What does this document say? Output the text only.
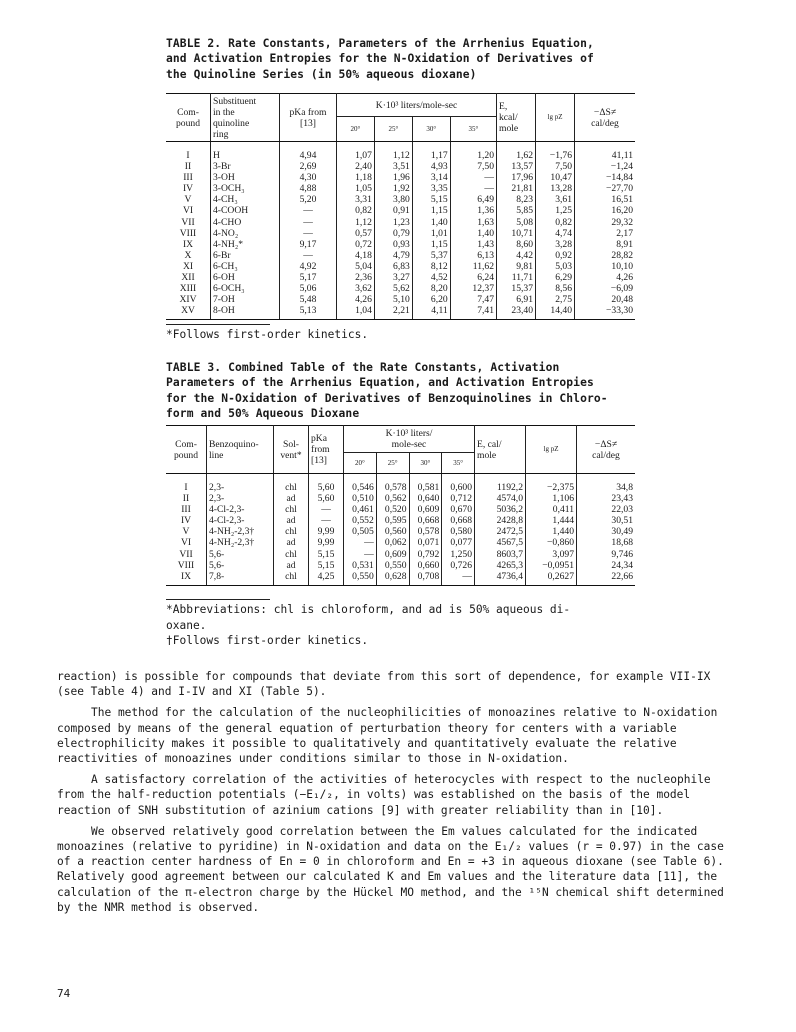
TABLE 2. Rate Constants, Parameters of the Arrhenius Equation,
and Activation Entropies for the N-Oxidation of Derivatives of
the Quinoline Series (in 50% aqueous dioxane)
Com-
pound	Substituent
in the
quinoline
ring	pKa from
[13]	K·10³ liters/mole-sec				E,
kcal/
mole	lg pZ	−ΔS≠
cal/deg
			20°	25°	30°	35°			
I	H	4,94	1,07	1,12	1,17	1,20	1,62	−1,76	41,11
II	3-Br	2,69	2,40	3,51	4,93	7,50	13,57	7,50	−1,24
III	3-OH	4,30	1,18	1,96	3,14	—	17,96	10,47	−14,84
IV	3-OCH₃	4,88	1,05	1,92	3,35	—	21,81	13,28	−27,70
V	4-CH₃	5,20	3,31	3,80	5,15	6,49	8,23	3,61	16,51
VI	4-COOH	—	0,82	0,91	1,15	1,36	5,85	1,25	16,20
VII	4-CHO	—	1,12	1,23	1,40	1,63	5,08	0,82	29,32
VIII	4-NO₂	—	0,57	0,79	1,01	1,40	10,71	4,74	2,17
IX	4-NH₂*	9,17	0,72	0,93	1,15	1,43	8,60	3,28	8,91
X	6-Br	—	4,18	4,79	5,37	6,13	4,42	0,92	28,82
XI	6-CH₃	4,92	5,04	6,83	8,12	11,62	9,81	5,03	10,10
XII	6-OH	5,17	2,36	3,27	4,52	6,24	11,71	6,29	4,26
XIII	6-OCH₃	5,06	3,62	5,62	8,20	12,37	15,37	8,56	−6,09
XIV	7-OH	5,48	4,26	5,10	6,20	7,47	6,91	2,75	20,48
XV	8-OH	5,13	1,04	2,21	4,11	7,41	23,40	14,40	−33,30
*Follows first-order kinetics.
TABLE 3. Combined Table of the Rate Constants, Activation
Parameters of the Arrhenius Equation, and Activation Entropies
for the N-Oxidation of Derivatives of Benzoquinolines in Chloro-
form and 50% Aqueous Dioxane
Com-
pound	Benzoquino-
line	Sol-
vent*	pKa
from
[13]	K·10³ liters/
mole-sec				E, cal/
mole	lg pZ	−ΔS≠
cal/deg
				20°	25°	30°	35°			
I	2,3-	chl	5,60	0,546	0,578	0,581	0,600	1192,2	−2,375	34,8
II	2,3-	ad	5,60	0,510	0,562	0,640	0,712	4574,0	1,106	23,43
III	4-Cl-2,3-	chl	—	0,461	0,520	0,609	0,670	5036,2	0,411	22,03
IV	4-Cl-2,3-	ad	—	0,552	0,595	0,668	0,668	2428,8	1,444	30,51
V	4-NH₂-2,3†	chl	9,99	0,505	0,560	0,578	0,580	2472,5	1,440	30,49
VI	4-NH₂-2,3†	ad	9,99	—	0,062	0,071	0,077	4567,5	−0,860	18,68
VII	5,6-	chl	5,15	—	0,609	0,792	1,250	8603,7	3,097	9,746
VIII	5,6-	ad	5,15	0,531	0,550	0,660	0,726	4265,3	−0,0951	24,34
IX	7,8-	chl	4,25	0,550	0,628	0,708	—	4736,4	0,2627	22,66
*Abbreviations: chl is chloroform, and ad is 50% aqueous di-
oxane.
†Follows first-order kinetics.

reaction) is possible for compounds that deviate from this sort of dependence, for example VII-IX (see Table 4) and I-IV and XI (Table 5).

The method for the calculation of the nucleophilicities of monoazines relative to N-oxidation composed by means of the general equation of perturbation theory for centers with a variable electrophilicity makes it possible to qualitatively and quantitatively evaluate the relative reactivities of monoazines under conditions similar to those in N-oxidation.

A satisfactory correlation of the activities of heterocycles with respect to the nucleophile from the half-reduction potentials (−E₁/₂, in volts) was established on the basis of the model reaction of SNH substitution of azinium cations [9] with greater reliability than in [10].

We observed relatively good correlation between the Em values calculated for the indicated monoazines (relative to pyridine) in N-oxidation and data on the E₁/₂ values (r = 0.97) in the case of a reaction center hardness of En = 0 in chloroform and En = +3 in aqueous dioxane (see Table 6). Relatively good agreement between our calculated K and Em values and the literature data [11], the calculation of the π-electron charge by the Hückel MO method, and the ¹⁵N chemical shift determined by the NMR method is observed.

74
